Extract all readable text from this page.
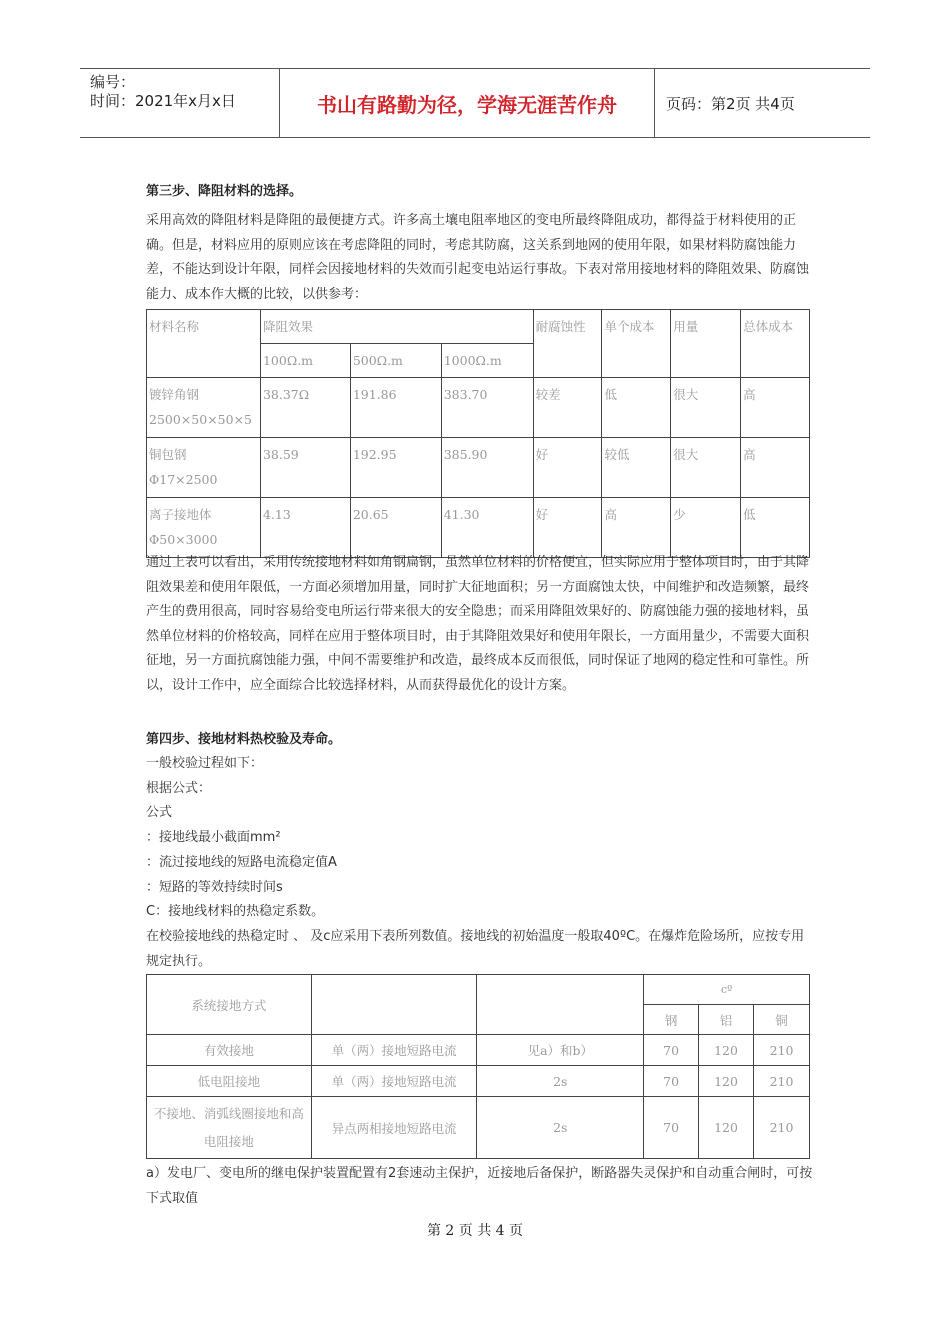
编号：
时间：2021年x月x日	书山有路勤为径，学海无涯苦作舟	页码：第2页 共4页
第三步、降阻材料的选择。
采用高效的降阻材料是降阻的最便捷方式。许多高土壤电阻率地区的变电所最终降阻成功，都得益于材料使用的正确。但是，材料应用的原则应该在考虑降阻的同时，考虑其防腐，这关系到地网的使用年限，如果材料防腐蚀能力差，不能达到设计年限，同样会因接地材料的失效而引起变电站运行事故。下表对常用接地材料的降阻效果、防腐蚀能力、成本作大概的比较，以供参考：
材料名称	降阻效果			耐腐蚀性	单个成本	用量	总体成本
	100Ω.m	500Ω.m	1000Ω.m				

镀锌角钢
2500×50×50×5	38.37Ω	191.86	383.70	较差	低	很大	高

铜包钢
Φ17×2500	38.59	192.95	385.90	好	较低	很大	高

离子接地体
Φ50×3000	4.13	20.65	41.30	好	高	少	低
通过上表可以看出，采用传统接地材料如角钢扁钢，虽然单位材料的价格便宜，但实际应用于整体项目时，由于其降阻效果差和使用年限低，一方面必须增加用量，同时扩大征地面积；另一方面腐蚀太快，中间维护和改造频繁，最终产生的费用很高，同时容易给变电所运行带来很大的安全隐患；而采用降阻效果好的、防腐蚀能力强的接地材料，虽然单位材料的价格较高，同样在应用于整体项目时，由于其降阻效果好和使用年限长，一方面用量少，不需要大面积征地，另一方面抗腐蚀能力强，中间不需要维护和改造，最终成本反而很低，同时保证了地网的稳定性和可靠性。所以，设计工作中，应全面综合比较选择材料，从而获得最优化的设计方案。
第四步、接地材料热校验及寿命。
一般校验过程如下：
根据公式：
公式
：接地线最小截面mm²
：流过接地线的短路电流稳定值A
：短路的等效持续时间s
C：接地线材料的热稳定系数。
在校验接地线的热稳定时 、 及c应采用下表所列数值。接地线的初始温度一般取40ºC。在爆炸危险场所，应按专用规定执行。
系统接地方式			cº		
			钢	铝	铜
有效接地	单（两）接地短路电流	见a）和b）	70	120	210
低电阻接地	单（两）接地短路电流	2s	70	120	210
不接地、消弧线圈接地和高电阻接地	异点两相接地短路电流	2s	70	120	210
a）发电厂、变电所的继电保护装置配置有2套速动主保护，近接地后备保护，断路器失灵保护和自动重合闸时，可按下式取值
第 2 页 共 4 页
